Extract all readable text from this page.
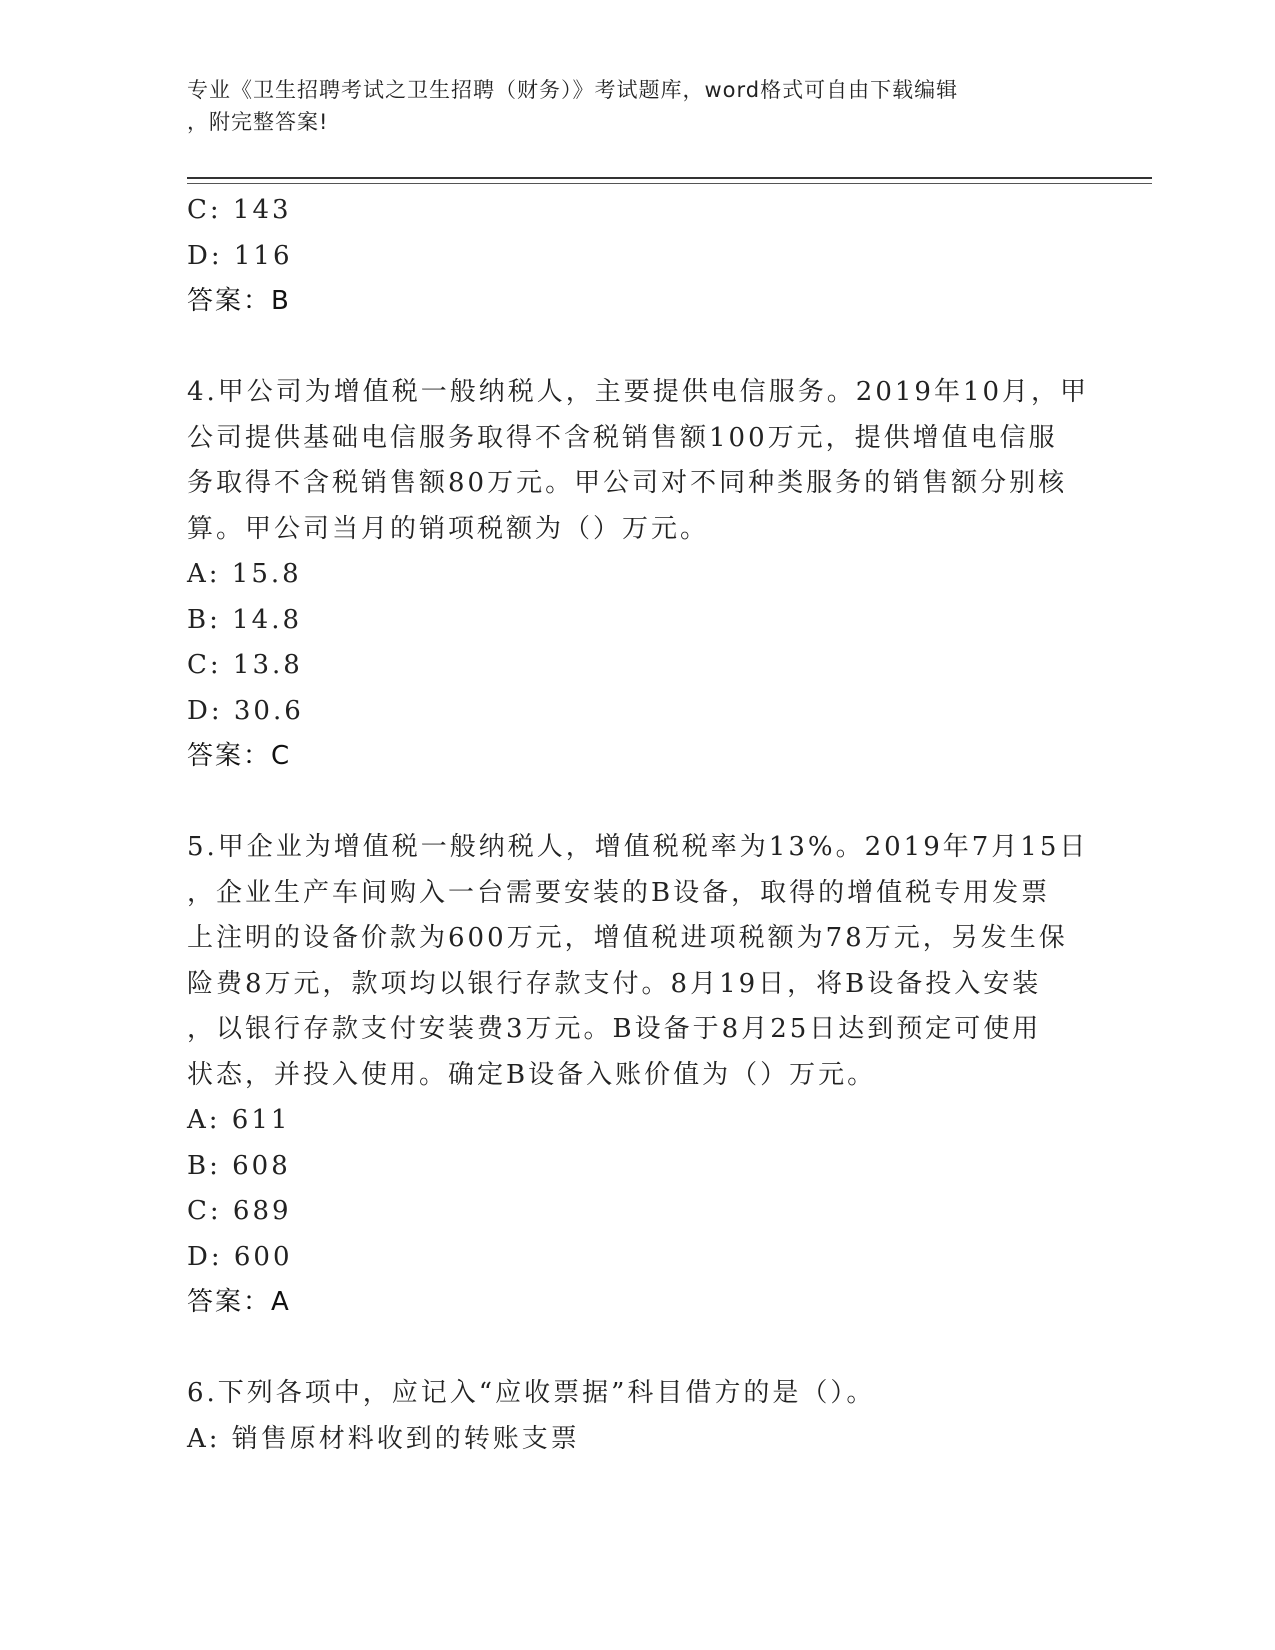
专业《卫生招聘考试之卫生招聘（财务）》考试题库，word格式可自由下载编辑
，附完整答案!
C: 143
D: 116
答案：B
4.甲公司为增值税一般纳税人，主要提供电信服务。2019年10月，甲
公司提供基础电信服务取得不含税销售额100万元，提供增值电信服
务取得不含税销售额80万元。甲公司对不同种类服务的销售额分别核
算。甲公司当月的销项税额为（）万元。
A: 15.8
B: 14.8
C: 13.8
D: 30.6
答案：C
5.甲企业为增值税一般纳税人，增值税税率为13%。2019年7月15日
，企业生产车间购入一台需要安装的B设备，取得的增值税专用发票
上注明的设备价款为600万元，增值税进项税额为78万元，另发生保
险费8万元，款项均以银行存款支付。8月19日，将B设备投入安装
，以银行存款支付安装费3万元。B设备于8月25日达到预定可使用
状态，并投入使用。确定B设备入账价值为（）万元。
A: 611
B: 608
C: 689
D: 600
答案：A
6.下列各项中，应记入“应收票据”科目借方的是（）。
A: 销售原材料收到的转账支票
